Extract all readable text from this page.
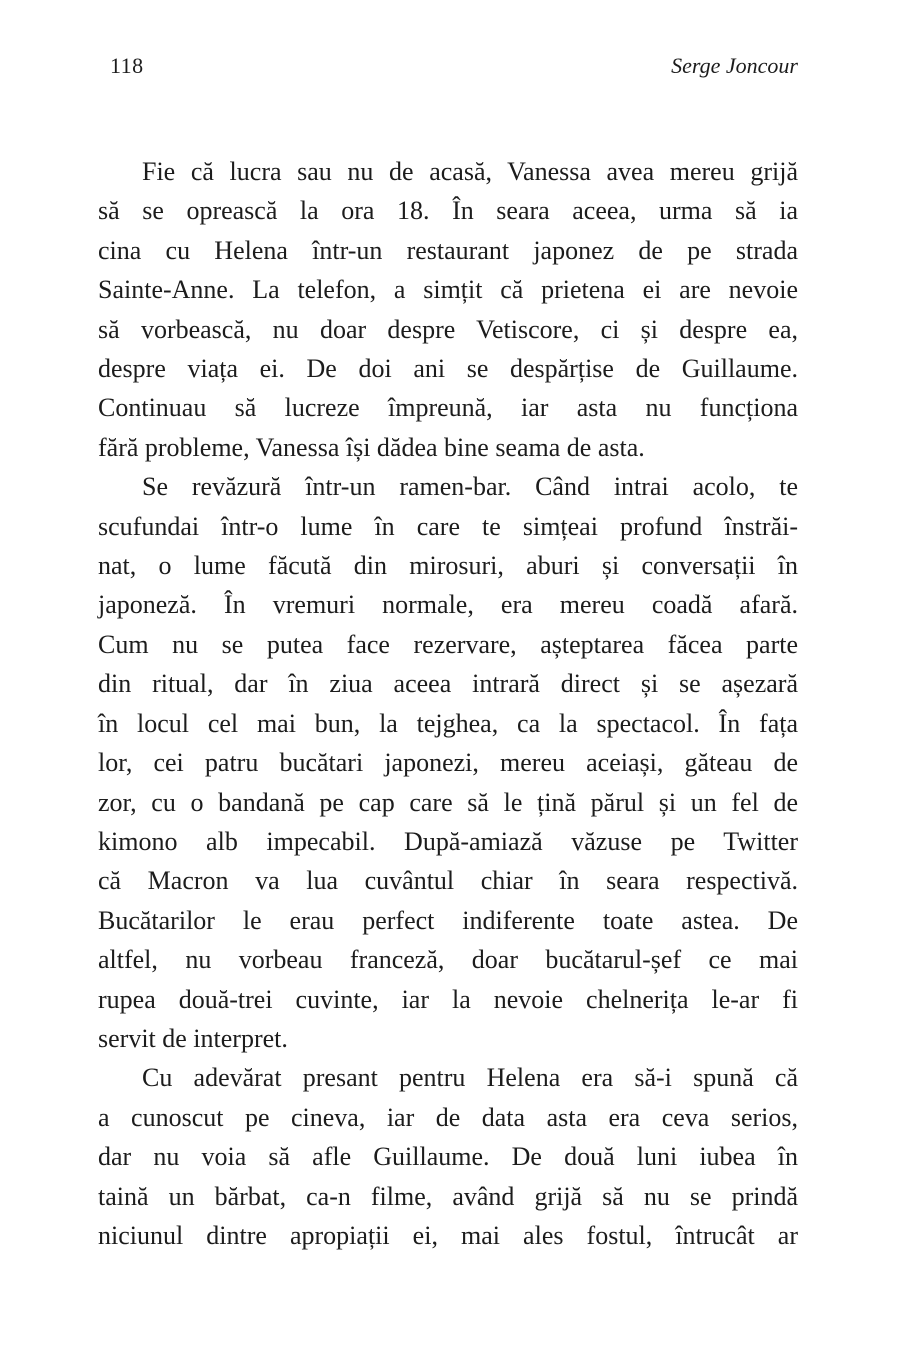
118	Serge Joncour
Fie că lucra sau nu de acasă, Vanessa avea mereu grijă
să se oprească la ora 18. În seara aceea, urma să ia
cina cu Helena într-un restaurant japonez de pe strada
Sainte-Anne. La telefon, a simțit că prietena ei are nevoie
să vorbească, nu doar despre Vetiscore, ci și despre ea,
despre viața ei. De doi ani se despărțise de Guillaume.
Continuau să lucreze împreună, iar asta nu funcționa
fără probleme, Vanessa își dădea bine seama de asta.
Se revăzură într-un ramen-bar. Când intrai acolo, te
scufundai într-o lume în care te simțeai profund înstrăi-
nat, o lume făcută din mirosuri, aburi și conversații în
japoneză. În vremuri normale, era mereu coadă afară.
Cum nu se putea face rezervare, așteptarea făcea parte
din ritual, dar în ziua aceea intrară direct și se așezară
în locul cel mai bun, la tejghea, ca la spectacol. În fața
lor, cei patru bucătari japonezi, mereu aceiași, găteau de
zor, cu o bandană pe cap care să le țină părul și un fel de
kimono alb impecabil. După-amiază văzuse pe Twitter
că Macron va lua cuvântul chiar în seara respectivă.
Bucătarilor le erau perfect indiferente toate astea. De
altfel, nu vorbeau franceză, doar bucătarul-șef ce mai
rupea două-trei cuvinte, iar la nevoie chelnerița le-ar fi
servit de interpret.
Cu adevărat presant pentru Helena era să-i spună că
a cunoscut pe cineva, iar de data asta era ceva serios,
dar nu voia să afle Guillaume. De două luni iubea în
taină un bărbat, ca-n filme, având grijă să nu se prindă
niciunul dintre apropiații ei, mai ales fostul, întrucât ar
